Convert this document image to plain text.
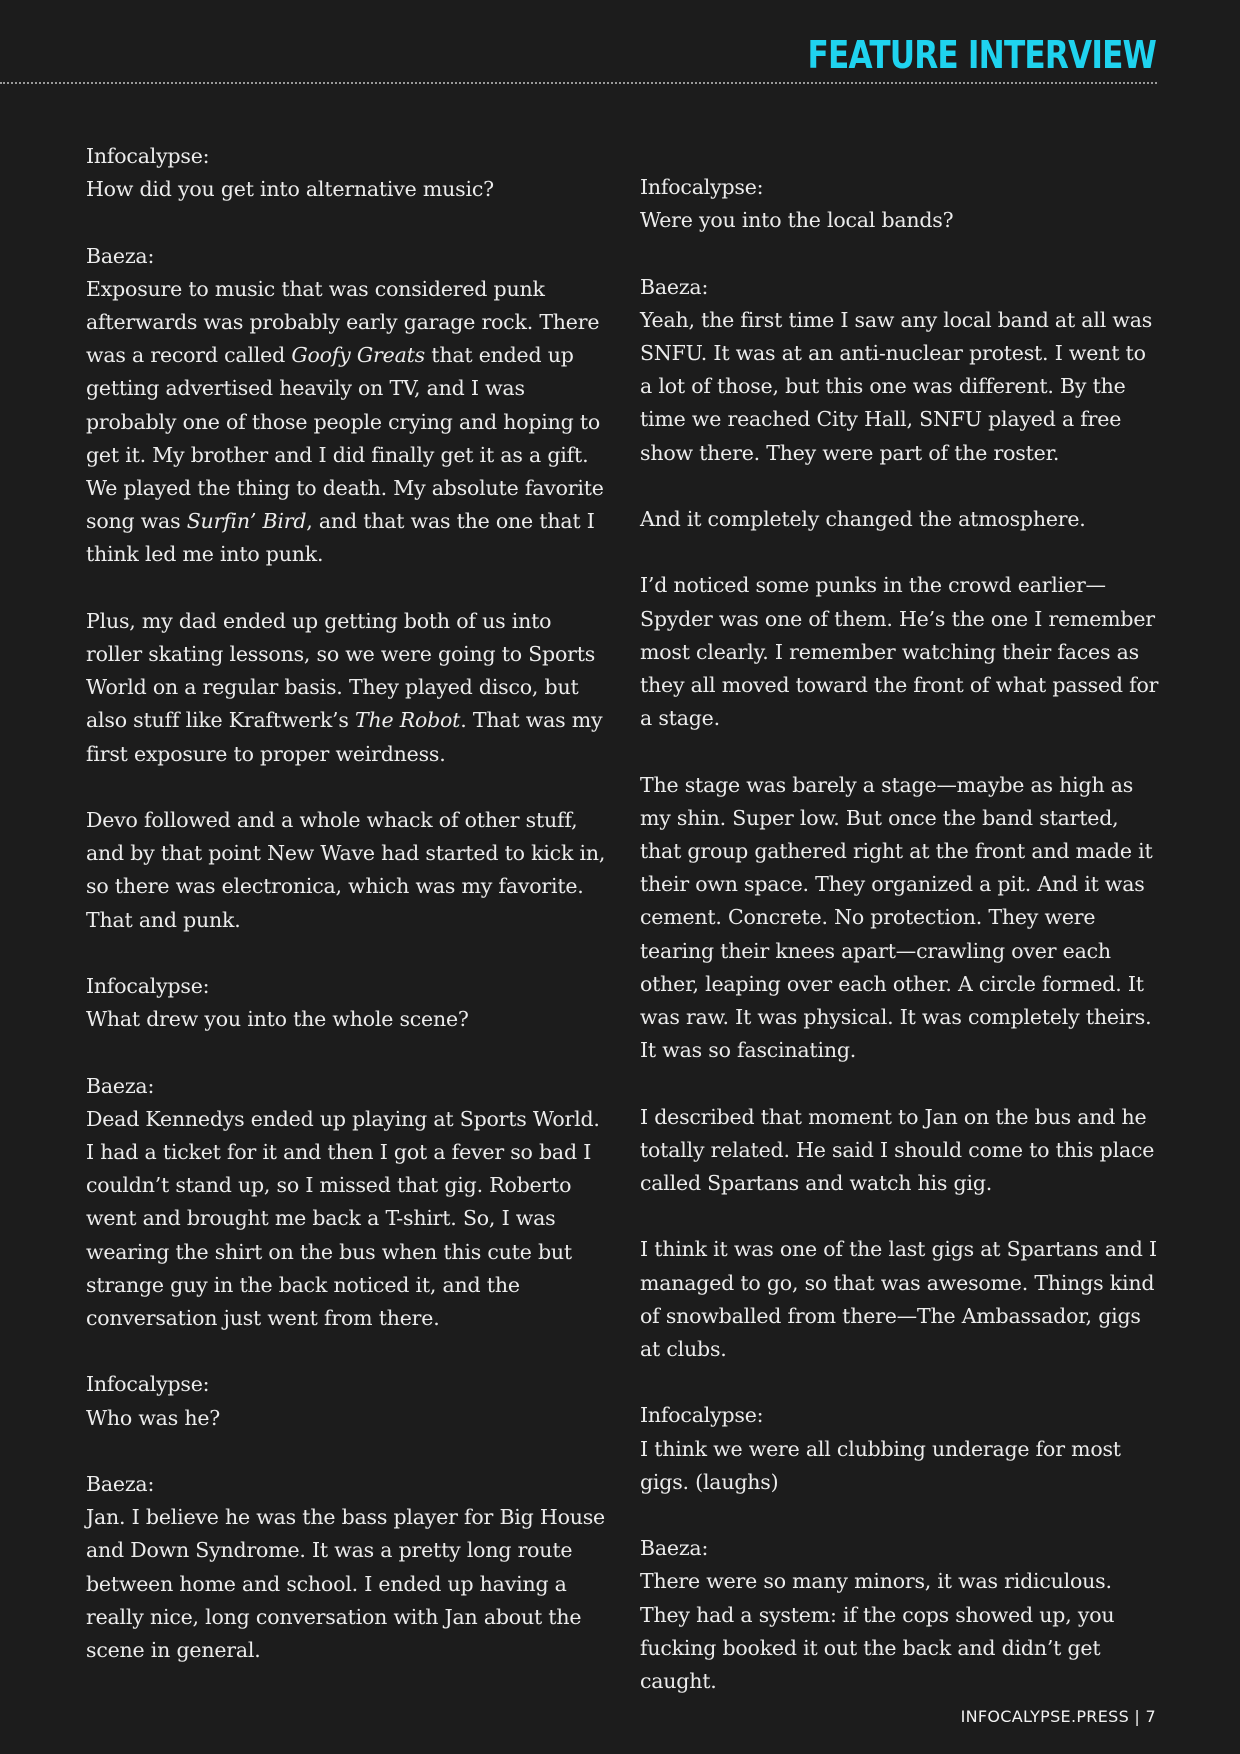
FEATURE INTERVIEW
Infocalypse:

How did you get into alternative music?

Baeza:

Exposure to music that was considered punk afterwards was probably early garage rock. There was a record called Goofy Greats that ended up getting advertised heavily on TV, and I was probably one of those people crying and hoping to get it. My brother and I did finally get it as a gift. We played the thing to death. My absolute favorite song was Surfin’ Bird, and that was the one that I think led me into punk.

Plus, my dad ended up getting both of us into roller skating lessons, so we were going to Sports World on a regular basis. They played disco, but also stuff like Kraftwerk’s The Robot. That was my first exposure to proper weirdness.

Devo followed and a whole whack of other stuff, and by that point New Wave had started to kick in, so there was electronica, which was my favorite. That and punk.

Infocalypse:

What drew you into the whole scene?

Baeza:

Dead Kennedys ended up playing at Sports World. I had a ticket for it and then I got a fever so bad I couldn’t stand up, so I missed that gig. Roberto went and brought me back a T-shirt. So, I was wearing the shirt on the bus when this cute but strange guy in the back noticed it, and the conversation just went from there.

Infocalypse:

Who was he?

Baeza:

Jan. I believe he was the bass player for Big House and Down Syndrome. It was a pretty long route between home and school. I ended up having a really nice, long conversation with Jan about the scene in general.

Infocalypse:

Were you into the local bands?

Baeza:

Yeah, the first time I saw any local band at all was SNFU. It was at an anti-nuclear protest. I went to a lot of those, but this one was different. By the time we reached City Hall, SNFU played a free show there. They were part of the roster.

And it completely changed the atmosphere.

I’d noticed some punks in the crowd earlier—Spyder was one of them. He’s the one I remember most clearly. I remember watching their faces as they all moved toward the front of what passed for a stage.

The stage was barely a stage—maybe as high as my shin. Super low. But once the band started, that group gathered right at the front and made it their own space. They organized a pit. And it was cement. Concrete. No protection. They were tearing their knees apart—crawling over each other, leaping over each other. A circle formed. It was raw. It was physical. It was completely theirs. It was so fascinating.

I described that moment to Jan on the bus and he totally related. He said I should come to this place called Spartans and watch his gig.

I think it was one of the last gigs at Spartans and I managed to go, so that was awesome. Things kind of snowballed from there—The Ambassador, gigs at clubs.

Infocalypse:

I think we were all clubbing underage for most gigs. (laughs)

Baeza:

There were so many minors, it was ridiculous. They had a system: if the cops showed up, you fucking booked it out the back and didn’t get caught.

INFOCALYPSE.PRESS | 7
